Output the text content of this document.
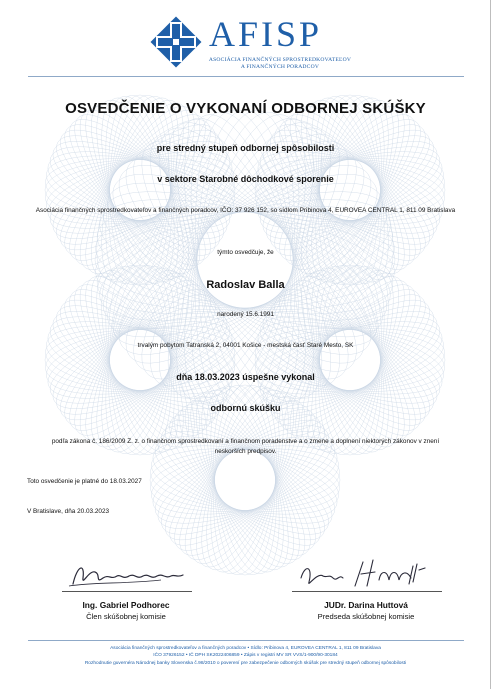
AFISP
ASOCIÁCIA FINANČNÝCH SPROSTREDKOVATEĽOV
A FINANČNÝCH PORADCOV
OSVEDČENIE O VYKONANÍ ODBORNEJ SKÚŠKY
pre stredný stupeň odbornej spôsobilosti
v sektore Starobné dôchodkové sporenie
Asociácia finančných sprostredkovateľov a finančných poradcov, IČO: 37 926 152, so sídlom Pribinova 4, EUROVEA CENTRAL 1, 811 09 Bratislava
týmto osvedčuje, že
Radoslav Balla
narodený 15.6.1991
trvalým pobytom Tatranská 2, 04001 Košice - mestská časť Staré Mesto, SK
dňa 18.03.2023 úspešne vykonal
odbornú skúšku
podľa zákona č. 186/2009 Z. z. o finančnom sprostredkovaní a finančnom poradenstve a o zmene a doplnení niektorých zákonov v znení neskorších predpisov.
Toto osvedčenie je platné do 18.03.2027
V Bratislave, dňa 20.03.2023
Ing. Gabriel Podhorec
Člen skúšobnej komisie
JUDr. Darina Huttová
Predseda skúšobnej komisie
Asociácia finančných sprostredkovateľov a finančných poradcov • Sídlo: Pribinova 4, EUROVEA CENTRAL 1, 811 09 Bratislava
IČO 37926152 • IČ DPH SK2022406859 • Zápis v registri MV SR VVS/1-900/90-30184
Rozhodnutie guvernéra Národnej banky Slovenska č.98/2010 o poverení pre zabezpečenie odborných skúšok pre stredný stupeň odbornej spôsobilosti
